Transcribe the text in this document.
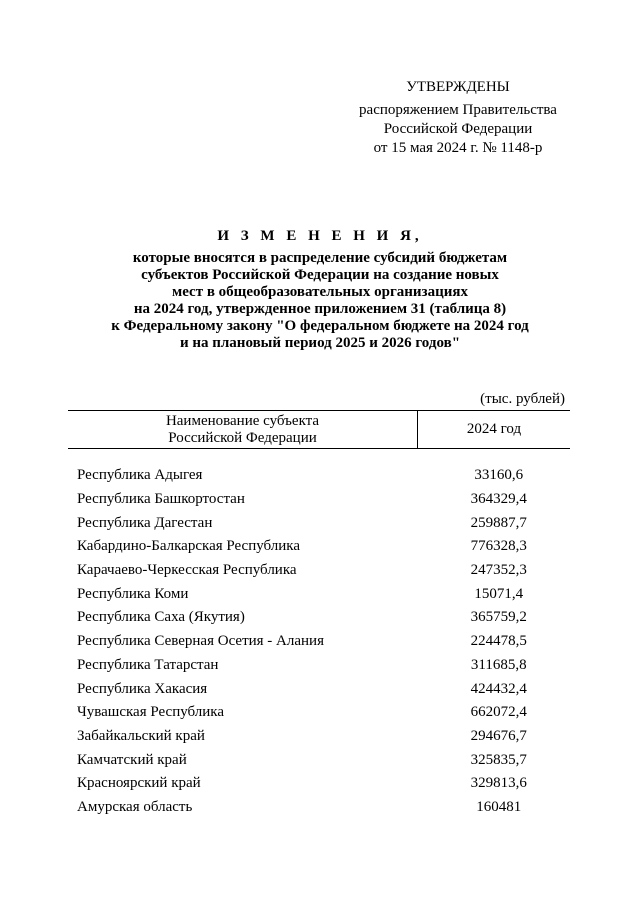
УТВЕРЖДЕНЫ
распоряжением Правительства
Российской Федерации
от 15 мая 2024 г. № 1148-р
И З М Е Н Е Н И Я,
которые вносятся в распределение субсидий бюджетам
субъектов Российской Федерации на создание новых
мест в общеобразовательных организациях
на 2024 год, утвержденное приложением 31 (таблица 8)
к Федеральному закону "О федеральном бюджете на 2024 год
и на плановый период 2025 и 2026 годов"
(тыс. рублей)
Наименование субъекта
Российской Федерации	2024 год

Республика Адыгея	33160,6
Республика Башкортостан	364329,4
Республика Дагестан	259887,7
Кабардино-Балкарская Республика	776328,3
Карачаево-Черкесская Республика	247352,3
Республика Коми	15071,4
Республика Саха (Якутия)	365759,2
Республика Северная Осетия - Алания	224478,5
Республика Татарстан	311685,8
Республика Хакасия	424432,4
Чувашская Республика	662072,4
Забайкальский край	294676,7
Камчатский край	325835,7
Красноярский край	329813,6
Амурская область	160481
